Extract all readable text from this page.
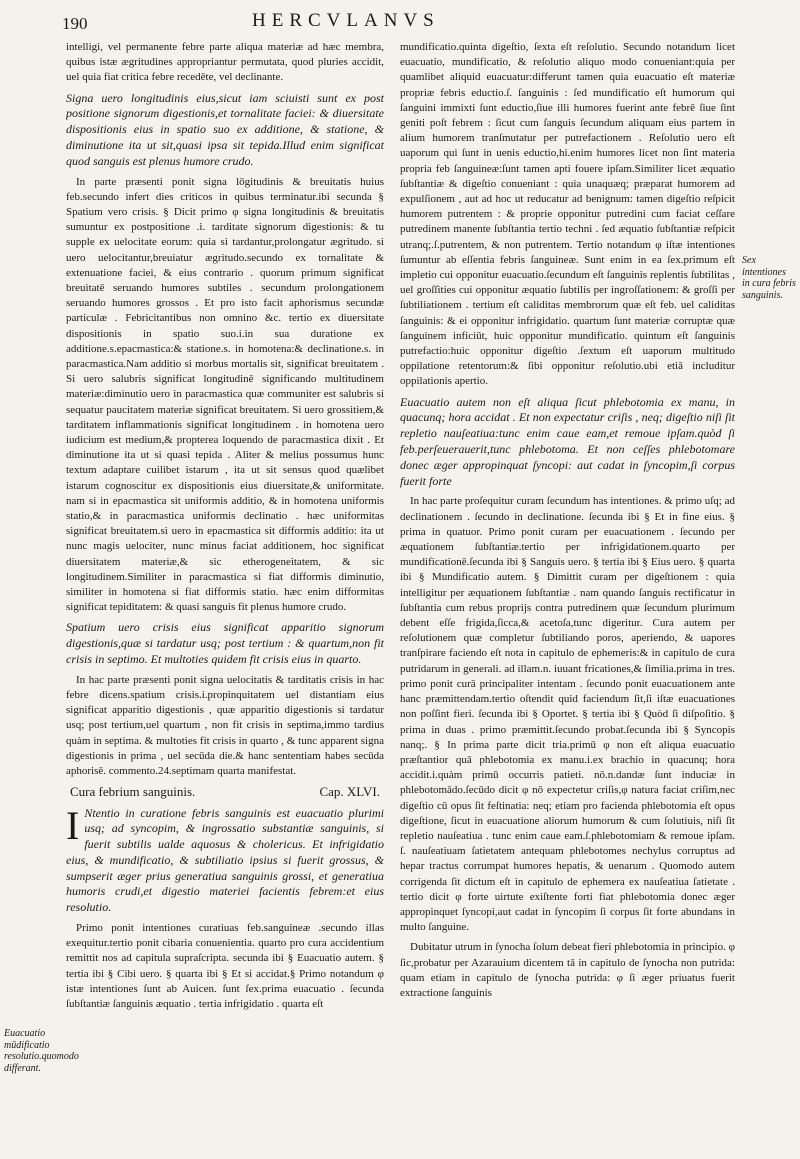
190	HERCVLANVS

intelligi, vel permanente febre parte aliqua materiæ ad hæc membra, quibus istæ ægritudines appropriantur permutata, quod pluries accidit, uel quia fiat critica febre recedēte, vel declinante.

Signa uero longitudinis eius,sicut iam sciuisti sunt ex post positione signorum digestionis,et tornalitate faciei: & diuersitate dispositionis eius in spatio suo ex additione, & statione, & diminutione ita ut sit,quasi ipsa sit tepida.Illud enim significat quod sanguis est plenus humore crudo.

In parte præsenti ponit signa lōgitudinis & breuitatis huius feb.secundo infert dies criticos in quibus terminatur.ibi secunda § Spatium vero crisis. § Dicit primo φ signa longitudinis & breuitatis sumuntur ex postpositione .i. tarditate signorum digestionis: & tu supple ex uelocitate eorum: quia si tardantur,prolongatur ægritudo. si uero uelocitantur,breuiatur ægritudo.secundo ex tornalitate & extenuatione faciei, & eius contrario . quorum primum significat breuitatē seruando humores subtiles . secundum prolongationem seruando humores grossos . Et pro isto facit aphorismus secundæ particulæ . Febricitantibus non omnino &c. tertio ex diuersitate dispositionis in spatio suo.i.in sua duratione ex additione.s.epacmastica:& statione.s. in homotena:& declinatione.s. in paracmastica.Nam additio si morbus mortalis sit, significat breuitatem . Si uero salubris significat longitudinē significando multitudinem materiæ:diminutio uero in paracmastica quæ communiter est salubris si sequatur paucitatem materiæ significat breuitatem. Si uero grossitiem,& tarditatem inflammationis significat longitudinem . in homotena uero iudicium est medium,& propterea loquendo de paracmastica dixit . Et diminutione ita ut si quasi tepida . Aliter & melius possumus hunc textum adaptare cuilibet istarum , ita ut sit sensus quod quælibet istarum cognoscitur ex dispositionis eius diuersitate,& uniformitate. nam si in epacmastica sit uniformis additio, & in homotena uniformis statio,& in paracmastica uniformis declinatio . hæc uniformitas significat breuitatem.si uero in epacmastica sit difformis additio: ita ut nunc magis uelociter, nunc minus faciat additionem, hoc significat diuersitatem materiæ,& sic etherogeneitatem, & sic longitudinem.Similiter in paracmastica si fiat difformis diminutio, similiter in homotena si fiat difformis statio. hæc enim difformitas significat tepiditatem: & quasi sanguis fit plenus humore crudo.

Spatium uero crisis eius significat apparitio signorum digestionis,quæ si tardatur usq; post tertium : & quartum,non fit crisis in septimo. Et multoties quidem fit crisis eius in quarto.

In hac parte præsenti ponit signa uelocitatis & tarditatis crisis in hac febre dicens.spatium crisis.i.propinquitatem uel distantiam eius significat apparitio digestionis , quæ apparitio digestionis si tardatur usq; post tertium,uel quartum , non fit crisis in septima,immo tardius quàm in septima. & multoties fit crisis in quarto , & tunc apparent signa digestionis in prima , uel secūda die.& hanc sententiam habes secūda aphorisē. commento.24.septimam quarta manifestat.

Cura febrium sanguinis.	Cap. XLVI.

I Ntentio in curatione febris sanguinis est euacuatio plurimi usq; ad syncopim, & ingrossatio substantiæ sanguinis, si fuerit subtilis ualde aquosus & cholericus. Et infrigidatio eius, & mundificatio, & subtiliatio ipsius si fuerit grossus, & sumpserit æger prius generatiua sanguinis grossi, et generatiua humoris crudi,et digestio materiei facientis febrem:et eius resolutio.

Primo ponit intentiones curatiuas feb.sanguineæ .secundo illas exequitur.tertio ponit cibaria conuenientia. quarto pro cura accidentium remittit nos ad capitula supraſcripta. secunda ibi § Euacuatio autem. § tertia ibi § Cibi uero. § quarta ibi § Et si accidat.§ Primo notandum φ istæ intentiones ſunt ab Auicen. ſunt ſex.prima euacuatio . ſecunda ſubſtantiæ ſanguinis æquatio . tertia infrigidatio . quarta eſt

mundificatio.quinta digeſtio, ſexta eſt reſolutio. Secundo notandum licet euacuatio, mundificatio, & reſolutio aliquo modo conueniant:quia per quamlibet aliquid euacuatur:differunt tamen quia euacuatio eſt materiæ propriæ febris eductio.ſ. ſanguinis : ſed mundificatio eſt humorum qui ſanguini immixti ſunt eductio,ſiue illi humores fuerint ante febrē ſiue ſint geniti poſt febrem : ſicut cum ſanguis ſecundum aliquam eius partem in alium humorem tranſmutatur per putrefactionem . Reſolutio uero eſt uaporum qui ſunt in uenis eductio,hi.enim humores licet non ſint materia propria feb ſanguineæ:ſunt tamen apti fouere ipſam.Similiter licet æquatio ſubſtantiæ & digeſtio conueniant : quia unaquæq; præparat humorem ad expulſionem , aut ad hoc ut reducatur ad benignum: tamen digeſtio reſpicit humorem putrentem : & proprie opponitur putredini cum faciat ceſſare putredinem manente ſubſtantia tertio techni . ſed æquatio ſubſtantiæ reſpicit utranq;.ſ.putrentem, & non putrentem. Tertio notandum φ iſtæ intentiones ſumuntur ab eſſentia febris ſanguineæ. Sunt enim in ea ſex.primum eſt impletio cui opponitur euacuatio.ſecundum eſt ſanguinis replentis ſubtilitas , uel groſſities cui opponitur æquatio ſubtilis per ingroſſationem: & groſſi per ſubtiliationem . tertium eſt caliditas membrorum quæ eſt feb. uel caliditas ſanguinis: & ei opponitur infrigidatio. quartum ſunt materiæ corruptæ quæ ſanguinem inficiūt, huic opponitur mundificatio. quintum eſt ſanguinis putrefactio:huic opponitur digeſtio .ſextum eſt uaporum multitudo oppilatione retentorum:& ſibi opponitur reſolutio.ubi etiā includitur oppilationis apertio.

Euacuatio autem non eſt aliqua ſicut phlebotomia ex manu, in quacunq; hora accidat . Et non expectatur criſis , neq; digeſtio niſi ſit repletio nauſeatiua:tunc enim caue eam,et remoue ipſam.quòd ſi feb.perſeuerauerit,tunc phlebotoma. Et non ceſſes phlebotomare donec æger appropinquat ſyncopi: aut cadat in ſyncopim,ſi corpus fuerit forte

In hac parte proſequitur curam ſecundum has intentiones. & primo uſq; ad declinationem . ſecundo in declinatione. ſecunda ibi § Et in fine eius. § prima in quatuor. Primo ponit curam per euacuationem . ſecundo per æquationem ſubſtantiæ.tertio per infrigidationem.quarto per mundificationē.ſecunda ibi § Sanguis uero. § tertia ibi § Eius uero. § quarta ibi § Mundificatio autem. § Dimittit curam per digeſtionem : quia intelligitur per æquationem ſubſtantiæ . nam quando ſanguis rectificatur in ſubſtantia cum rebus proprijs contra putredinem quæ ſecundum plurimum debent eſſe frigida,ſicca,& acetoſa,tunc digeritur. Cura autem per reſolutionem quæ completur ſubtiliando poros, aperiendo, & uapores tranſpirare faciendo eſt nota in capitulo de ephemeris:& in capitulo de cura putridarum in generali. ad illam.n. iuuant fricationes,& ſimilia.prima in tres. primo ponit curā principaliter intentam . ſecundo ponit euacuationem ante hanc præmittendam.tertio oſtendit quid faciendum ſit,ſi iſtæ euacuationes non poſſint fieri. ſecunda ibi § Oportet. § tertia ibi § Quòd ſi diſpoſitio. § prima in duas . primo præmittit.ſecundo probat.ſecunda ibi § Syncopis nanq;. § In prima parte dicit tria.primū φ non eſt aliqua euacuatio præſtantior quā phlebotomia ex manu.i.ex brachio in quacunq; hora accidit.i.quàm primū occurris patieti. nō.n.dandæ ſunt induciæ in phlebotomādo.ſecūdo dicit φ nō expectetur criſis,φ natura faciat criſim,nec digeſtio cū opus ſit feſtinatia: neq; etiam pro facienda phlebotomia eſt opus digeſtione, ſicut in euacuatione aliorum humorum & cum ſolutiuis, niſi ſit repletio nauſeatiua . tunc enim caue eam.ſ.phlebotomiam & remoue ipſam. ſ. nauſeatiuam ſatietatem antequam phlebotomes nechylus corruptus ad hepar tractus corrumpat humores hepatis, & uenarum . Quomodo autem corrigenda ſit dictum eſt in capitulo de ephemera ex nauſeatiua ſatietate . tertio dicit φ forte uirtute exiſtente forti fiat phlebotomia donec æger appropinquet ſyncopi,aut cadat in ſyncopim ſi corpus ſit forte abundans in multo ſanguine.

Dubitatur utrum in ſynocha ſolum debeat fieri phlebotomia in principio. φ ſic,probatur per Azarauium dicentem tā in capitulo de ſynocha non putrida: quam etiam in capitulo de ſynocha putrida: φ ſi æger priuatus fuerit extractione ſanguinis

Sex intentiones in cura febris sanguinis.
Euacuatio mūdificatio resolutio.quomodo differant.
